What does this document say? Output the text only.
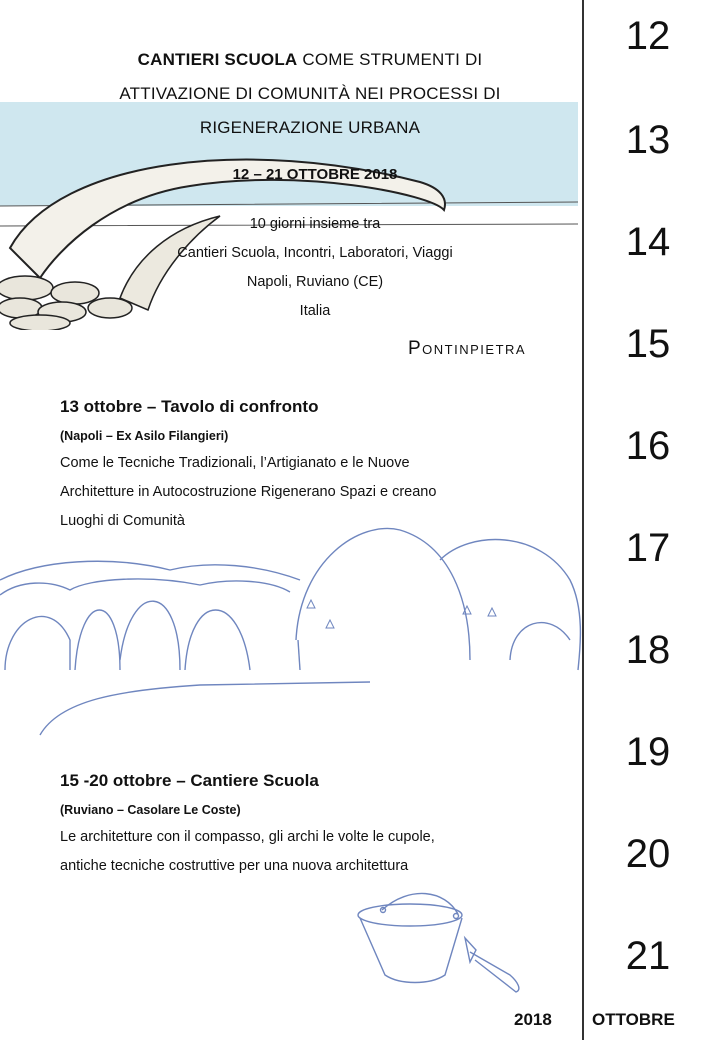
CANTIERI SCUOLA COME STRUMENTI DI
ATTIVAZIONE DI COMUNITÀ NEI PROCESSI DI
RIGENERAZIONE URBANA
12 – 21 OTTOBRE 2018
10 giorni insieme tra
Cantieri Scuola, Incontri, Laboratori, Viaggi
Napoli, Ruviano (CE)
Italia
Pontinpietra
13 ottobre – Tavolo di confronto
(Napoli – Ex Asilo Filangieri)
Come le Tecniche Tradizionali, l’Artigianato e le Nuove
Architetture in Autocostruzione Rigenerano Spazi e creano
Luoghi di Comunità
15 -20 ottobre – Cantiere Scuola
(Ruviano – Casolare Le Coste)
Le architetture con il compasso, gli archi le volte le cupole,
antiche tecniche costruttive per una nuova architettura
12
13
14
15
16
17
18
19
20
21
2018 OTTOBRE
